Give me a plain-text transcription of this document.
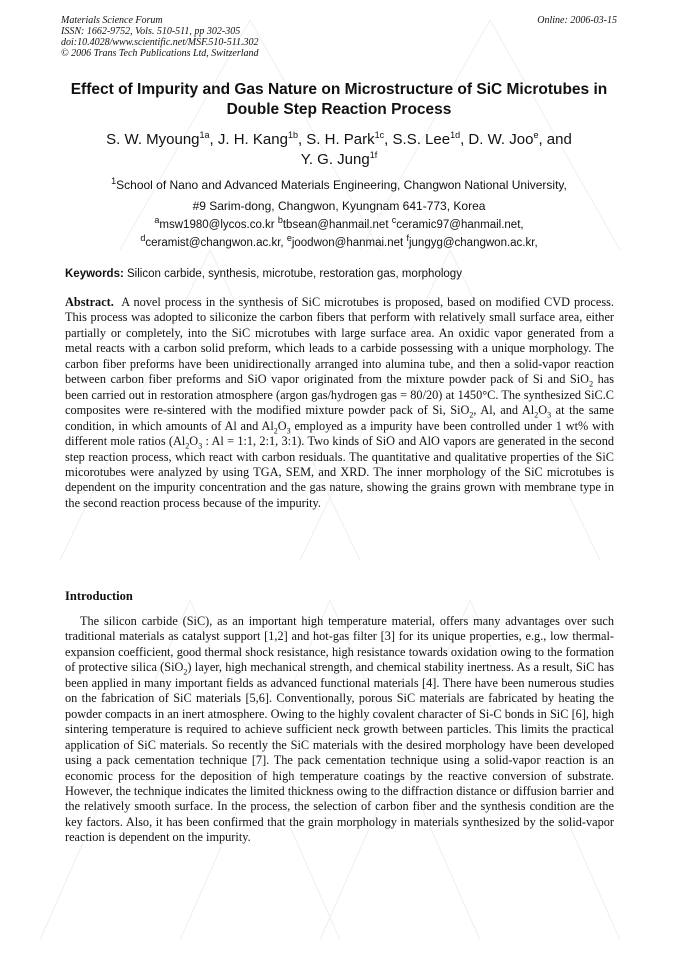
Materials Science Forum
ISSN: 1662-9752, Vols. 510-511, pp 302-305
doi:10.4028/www.scientific.net/MSF.510-511.302
© 2006 Trans Tech Publications Ltd, Switzerland
Online: 2006-03-15
Effect of Impurity and Gas Nature on Microstructure of SiC Microtubes in Double Step Reaction Process
S. W. Myoung$^{1a}$, J. H. Kang$^{1b}$, S. H. Park$^{1c}$, S.S. Lee$^{1d}$, D. W. Joo$^e$, and
Y. G. Jung$^{1f}$
$^1$School of Nano and Advanced Materials Engineering, Changwon National University,
#9 Sarim-dong, Changwon, Kyungnam 641-773, Korea
$^a$msw1980@lycos.co.kr $^b$tbsean@hanmail.net $^c$ceramic97@hanmail.net,
$^d$ceramist@changwon.ac.kr, $^e$joodwon@hanmai.net $^f$jungyg@changwon.ac.kr,
Keywords: Silicon carbide, synthesis, microtube, restoration gas, morphology
Abstract. A novel process in the synthesis of SiC microtubes is proposed, based on modified CVD process. This process was adopted to siliconize the carbon fibers that perform with relatively small surface area, either partially or completely, into the SiC microtubes with large surface area. An oxidic vapor generated from a metal reacts with a carbon solid preform, which leads to a carbide possessing with a unique morphology. The carbon fiber preforms have been unidirectionally arranged into alumina tube, and then a solid-vapor reaction between carbon fiber preforms and SiO vapor originated from the mixture powder pack of Si and SiO$_2$ has been carried out in restoration atmosphere (argon gas/hydrogen gas = 80/20) at 1450°C. The synthesized SiC.C composites were re-sintered with the modified mixture powder pack of Si, SiO$_2$, Al, and $Al_2O_3$ at the same condition, in which amounts of Al and $Al_2O_3$ employed as a impurity have been controlled under 1 wt% with different mole ratios ($Al_2O_3$ : Al = 1:1, 2:1, 3:1). Two kinds of SiO and AlO vapors are generated in the second step reaction process, which react with carbon residuals. The quantitative and qualitative properties of the SiC micorotubes were analyzed by using TGA, SEM, and XRD. The inner morphology of the SiC microtubes is dependent on the impurity concentration and the gas nature, showing the grains grown with membrane type in the second reaction process because of the impurity.
Introduction
The silicon carbide (SiC), as an important high temperature material, offers many advantages over such traditional materials as catalyst support [1,2] and hot-gas filter [3] for its unique properties, e.g., low thermal-expansion coefficient, good thermal shock resistance, high resistance towards oxidation owing to the formation of protective silica (SiO$_2$) layer, high mechanical strength, and chemical stability inertness. As a result, SiC has been applied in many important fields as advanced functional materials [4]. There have been numerous studies on the fabrication of SiC materials [5,6]. Conventionally, porous SiC materials are fabricated by heating the powder compacts in an inert atmosphere. Owing to the highly covalent character of Si-C bonds in SiC [6], high sintering temperature is required to achieve sufficient neck growth between particles. This limits the practical application of SiC materials. So recently the SiC materials with the desired morphology have been developed using a pack cementation technique [7]. The pack cementation technique using a solid-vapor reaction is an economic process for the deposition of high temperature coatings by the reactive conversion of substrate. However, the technique indicates the limited thickness owing to the diffraction distance or diffusion barrier and the relatively smooth surface. In the process, the selection of carbon fiber and the synthesis condition are the key factors. Also, it has been confirmed that the grain morphology in materials synthesized by the solid-vapor reaction is dependent on the impurity.
